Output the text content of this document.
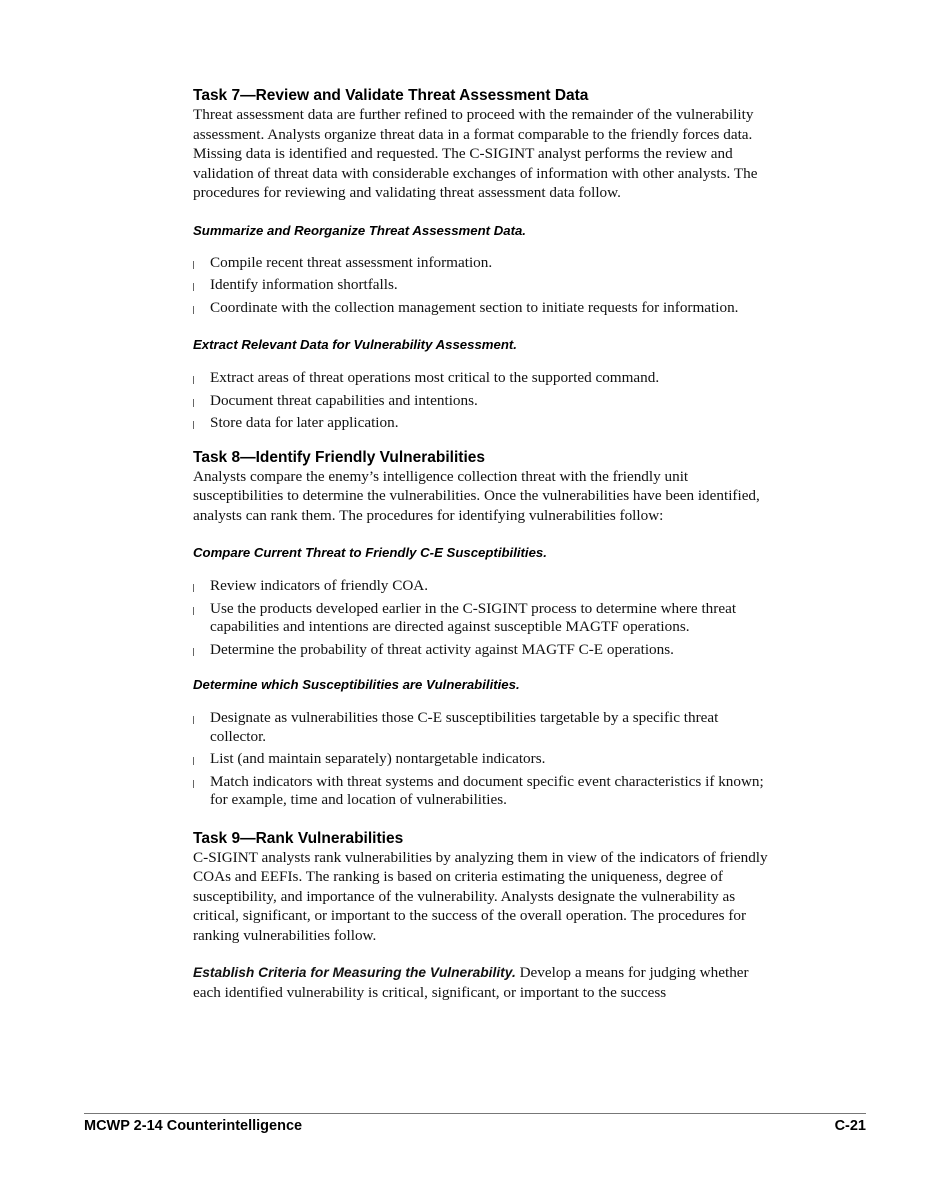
Task 7—Review and Validate Threat Assessment Data

Threat assessment data are further refined to proceed with the remainder of the vulnerability assessment. Analysts organize threat data in a format comparable to the friendly forces data. Missing data is identified and requested. The C-SIGINT analyst performs the review and validation of threat data with considerable exchanges of information with other analysts. The procedures for reviewing and validating threat assessment data follow.

Summarize and Reorganize Threat Assessment Data.

Compile recent threat assessment information.
Identify information shortfalls.
Coordinate with the collection management section to initiate requests for information.

Extract Relevant Data for Vulnerability Assessment.

Extract areas of threat operations most critical to the supported command.
Document threat capabilities and intentions.
Store data for later application.
Task 8—Identify Friendly Vulnerabilities

Analysts compare the enemy’s intelligence collection threat with the friendly unit susceptibilities to determine the vulnerabilities. Once the vulnerabilities have been identified, analysts can rank them. The procedures for identifying vulnerabilities follow:

Compare Current Threat to Friendly C-E Susceptibilities.

Review indicators of friendly COA.
Use the products developed earlier in the C-SIGINT process to determine where threat capabilities and intentions are directed against susceptible MAGTF operations.
Determine the probability of threat activity against MAGTF C-E operations.

Determine which Susceptibilities are Vulnerabilities.

Designate as vulnerabilities those C-E susceptibilities targetable by a specific threat collector.
List (and maintain separately) nontargetable indicators.
Match indicators with threat systems and document specific event characteristics if known; for example, time and location of vulnerabilities.
Task 9—Rank Vulnerabilities

C-SIGINT analysts rank vulnerabilities by analyzing them in view of the indicators of friendly COAs and EEFIs. The ranking is based on criteria estimating the uniqueness, degree of susceptibility, and importance of the vulnerability. Analysts designate the vulnerability as critical, significant, or important to the success of the overall operation. The procedures for ranking vulnerabilities follow.

Establish Criteria for Measuring the Vulnerability. Develop a means for judging whether each identified vulnerability is critical, significant, or important to the success

MCWP 2-14 Counterintelligence	C-21
